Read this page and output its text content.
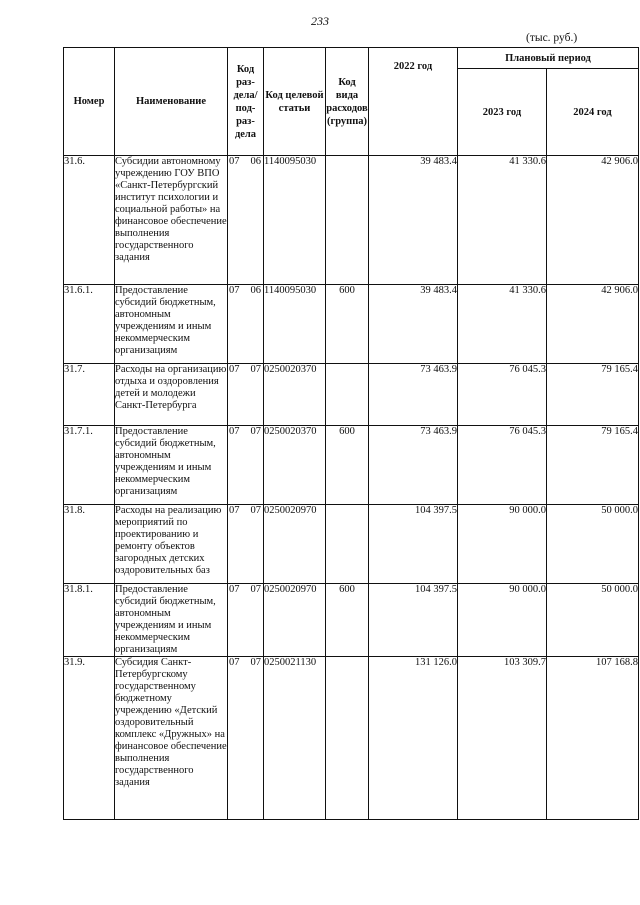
233
(тыс. руб.)
Номер	Наименование	Код раз-
дела/
под-
раз-
дела	Код целевой статьи	Код вида расходов (группа)	2022 год	Плановый период	
						2023 год	2024 год
31.6.	Субсидии автономному учреждению ГОУ ВПО «Санкт-Петербургский институт психологии и социальной работы» на финансовое обеспечение выполнения государственного задания	07 06	1140095030		39 483.4	41 330.6	42 906.0
31.6.1.	Предоставление субсидий бюджетным, автономным учреждениям и иным некоммерческим организациям	07 06	1140095030	600	39 483.4	41 330.6	42 906.0
31.7.	Расходы на организацию отдыха и оздоровления детей и молодежи Санкт-Петербурга	07 07	0250020370		73 463.9	76 045.3	79 165.4
31.7.1.	Предоставление субсидий бюджетным, автономным учреждениям и иным некоммерческим организациям	07 07	0250020370	600	73 463.9	76 045.3	79 165.4
31.8.	Расходы на реализацию мероприятий по проектированию и ремонту объектов загородных детских оздоровительных баз	07 07	0250020970		104 397.5	90 000.0	50 000.0
31.8.1.	Предоставление субсидий бюджетным, автономным учреждениям и иным некоммерческим организациям	07 07	0250020970	600	104 397.5	90 000.0	50 000.0
31.9.	Субсидия Санкт-Петербургскому государственному бюджетному учреждению «Детский оздоровительный комплекс «Дружных» на финансовое обеспечение выполнения государственного задания	07 07	0250021130		131 126.0	103 309.7	107 168.8
